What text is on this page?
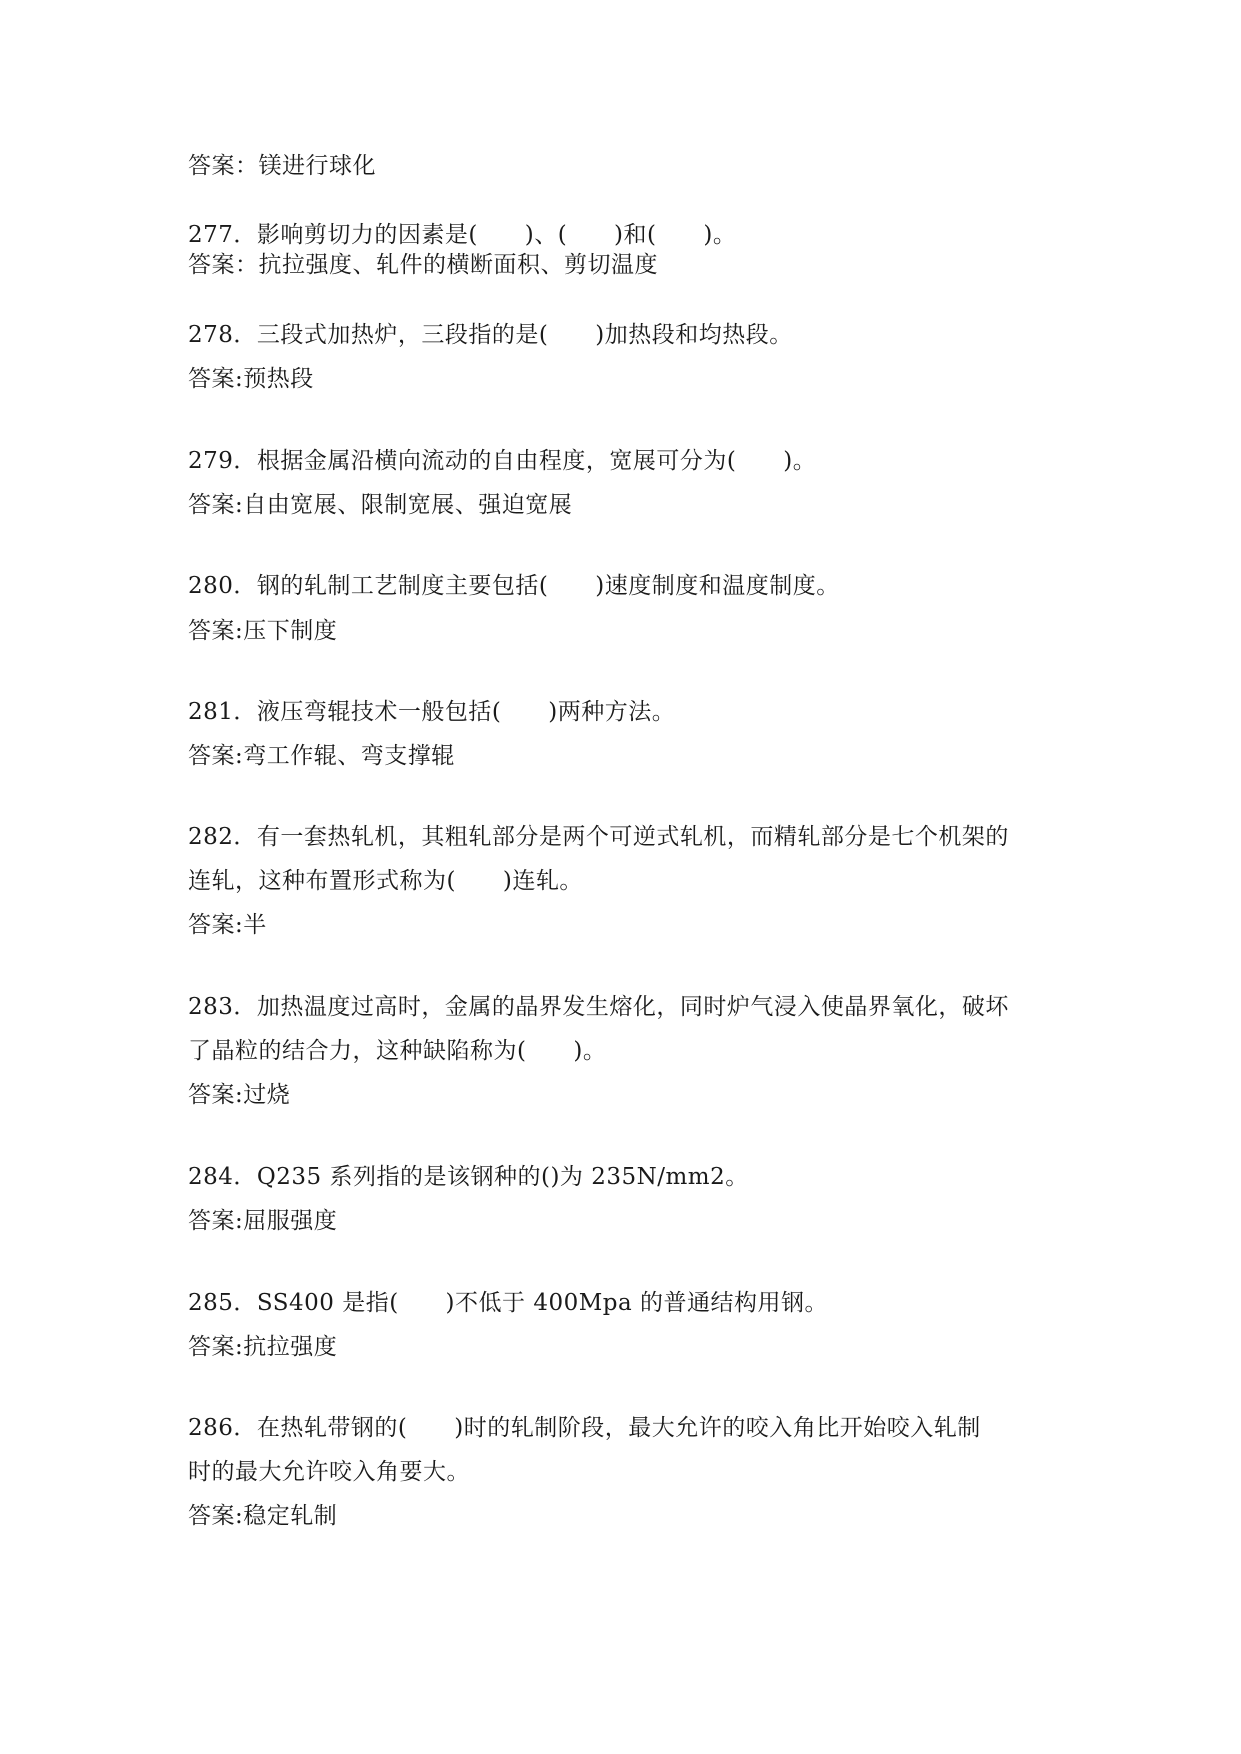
答案：镁进行球化
277．影响剪切力的因素是(      )、(      )和(      )。
答案：抗拉强度、轧件的横断面积、剪切温度
278．三段式加热炉，三段指的是(      )加热段和均热段。
答案:预热段
279．根据金属沿横向流动的自由程度，宽展可分为(      )。
答案:自由宽展、限制宽展、强迫宽展
280．钢的轧制工艺制度主要包括(      )速度制度和温度制度。
答案:压下制度
281．液压弯辊技术一般包括(      )两种方法。
答案:弯工作辊、弯支撑辊
282．有一套热轧机，其粗轧部分是两个可逆式轧机，而精轧部分是七个机架的
连轧，这种布置形式称为(      )连轧。
答案:半
283．加热温度过高时，金属的晶界发生熔化，同时炉气浸入使晶界氧化，破坏
了晶粒的结合力，这种缺陷称为(      )。
答案:过烧
284．Q235 系列指的是该钢种的()为 235N/mm2。
答案:屈服强度
285．SS400 是指(      )不低于 400Mpa 的普通结构用钢。
答案:抗拉强度
286．在热轧带钢的(      )时的轧制阶段，最大允许的咬入角比开始咬入轧制
时的最大允许咬入角要大。
答案:稳定轧制
